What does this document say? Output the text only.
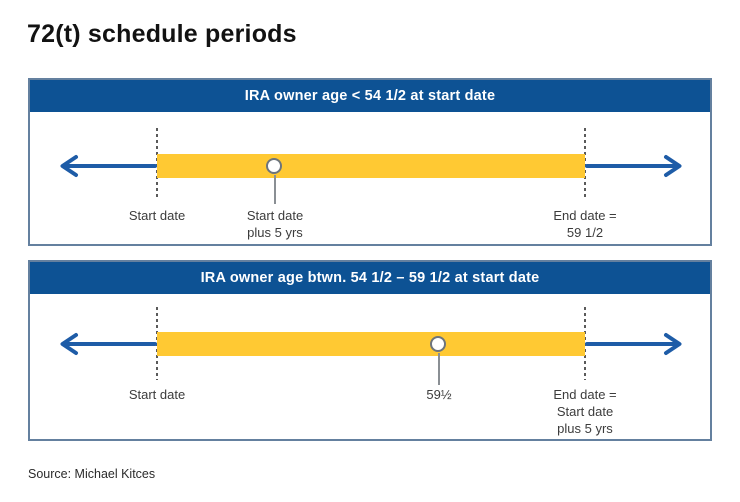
72(t) schedule periods
IRA owner age < 54 1/2 at start date
Start date	Start date
plus 5 yrs
End date =
59 1/2
IRA owner age btwn. 54 1/2 – 59 1/2 at start date
Start date	59½	End date =
Start date
plus 5 yrs
Source: Michael Kitces
